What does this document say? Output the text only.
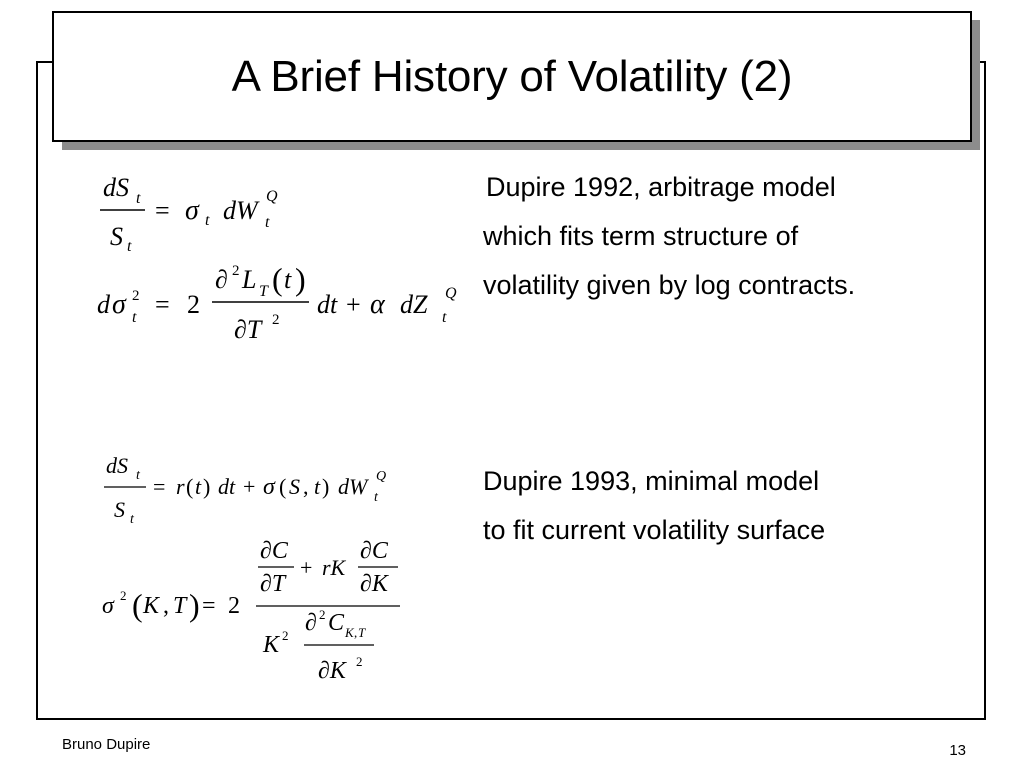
A Brief History of Volatility (2)
Dupire 1992, arbitrage model
which fits term structure of
volatility given by log contracts.
Dupire 1993, minimal model
to fit current volatility surface
dS t
S t
= σ t dW t
Q
d σ 2
t = 2
∂ 2 L T ( t )
∂T 2
dt + α dZ t
Q
dS t
S t
= r ( t ) dt + σ ( S , t ) dW t
Q
σ 2 ( K , T ) = 2
∂C
∂T
+ rK
∂C
∂K
K 2 ∂ 2 C K , T
∂K 2
Bruno Dupire	13
